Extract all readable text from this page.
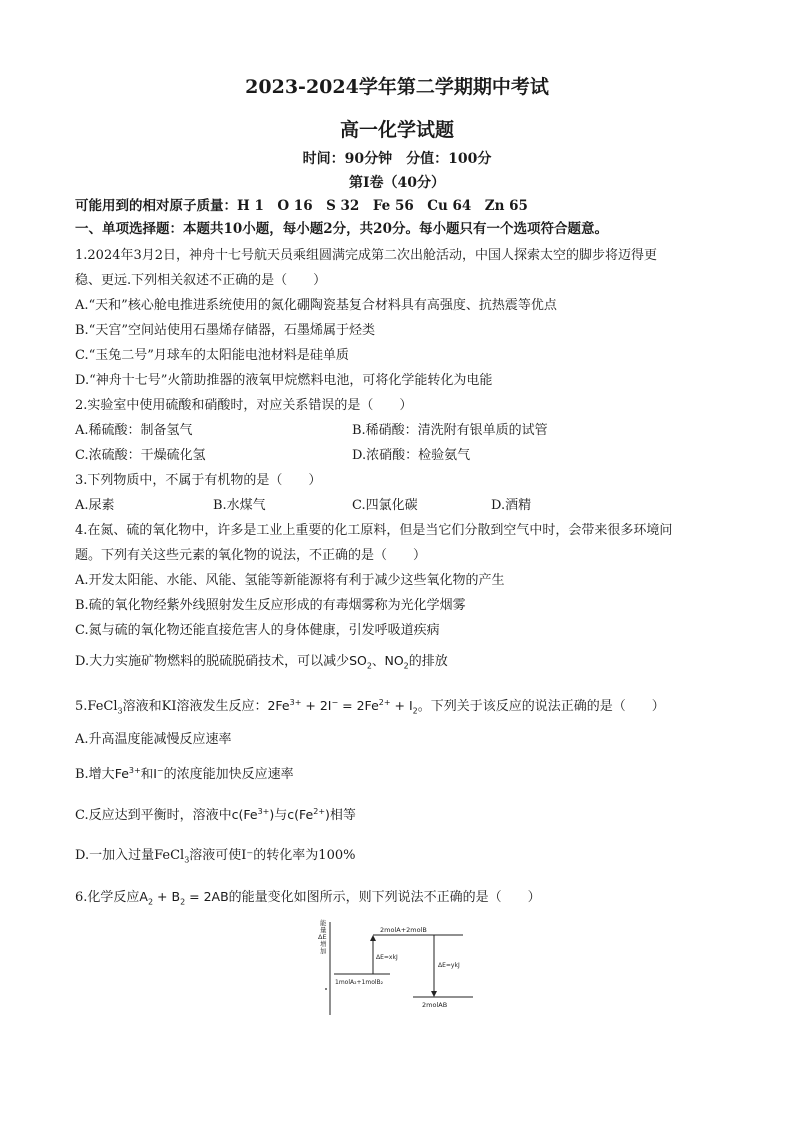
2023-2024学年第二学期期中考试
高一化学试题
时间：90分钟　分值：100分
第Ⅰ卷（40分）
可能用到的相对原子质量：H 1　O 16　S 32　Fe 56　Cu 64　Zn 65
一、单项选择题：本题共10小题，每小题2分，共20分。每小题只有一个选项符合题意。
1.2024年3月2日，神舟十七号航天员乘组圆满完成第二次出舱活动，中国人探索太空的脚步将迈得更
稳、更远.下列相关叙述不正确的是（　　）
A.“天和”核心舱电推进系统使用的氮化硼陶瓷基复合材料具有高强度、抗热震等优点
B.“天宫”空间站使用石墨烯存储器，石墨烯属于烃类
C.“玉兔二号”月球车的太阳能电池材料是硅单质
D.“神舟十七号”火箭助推器的液氧甲烷燃料电池，可将化学能转化为电能
2.实验室中使用硫酸和硝酸时，对应关系错误的是（　　）
A.稀硫酸：制备氢气	B.稀硝酸：清洗附有银单质的试管
C.浓硫酸：干燥硫化氢	D.浓硝酸：检验氨气
3.下列物质中，不属于有机物的是（　　）
A.尿素	B.水煤气	C.四氯化碳	D.酒精
4.在氮、硫的氧化物中，许多是工业上重要的化工原料，但是当它们分散到空气中时，会带来很多环境问
题。下列有关这些元素的氧化物的说法，不正确的是（　　）
A.开发太阳能、水能、风能、氢能等新能源将有利于减少这些氧化物的产生
B.硫的氧化物经紫外线照射发生反应形成的有毒烟雾称为光化学烟雾
C.氮与硫的氧化物还能直接危害人的身体健康，引发呼吸道疾病
D.大力实施矿物燃料的脱硫脱硝技术，可以减少$SO_2$、$NO_2$的排放
5.FeCl$_3$溶液和KI溶液发生反应：$2Fe^{3+} + 2I^- = 2Fe^{2+} + I_2$。下列关于该反应的说法正确的是（　　）
A.升高温度能减慢反应速率
B.增大$Fe^{3+}$和I−的浓度能加快反应速率
C.反应达到平衡时，溶液中$c(Fe^{3+})$与$c(Fe^{2+})$相等
D.一加入过量FeCl$_3$溶液可使I⁻的转化率为100%
6.化学反应$A_2 + B_2 = 2AB$的能量变化如图所示，则下列说法不正确的是（　　）
能量 ΔE 增加
2molA+2molB
1molA₂+1molB₂
2molAB
ΔE=xkJ
ΔE=ykJ
